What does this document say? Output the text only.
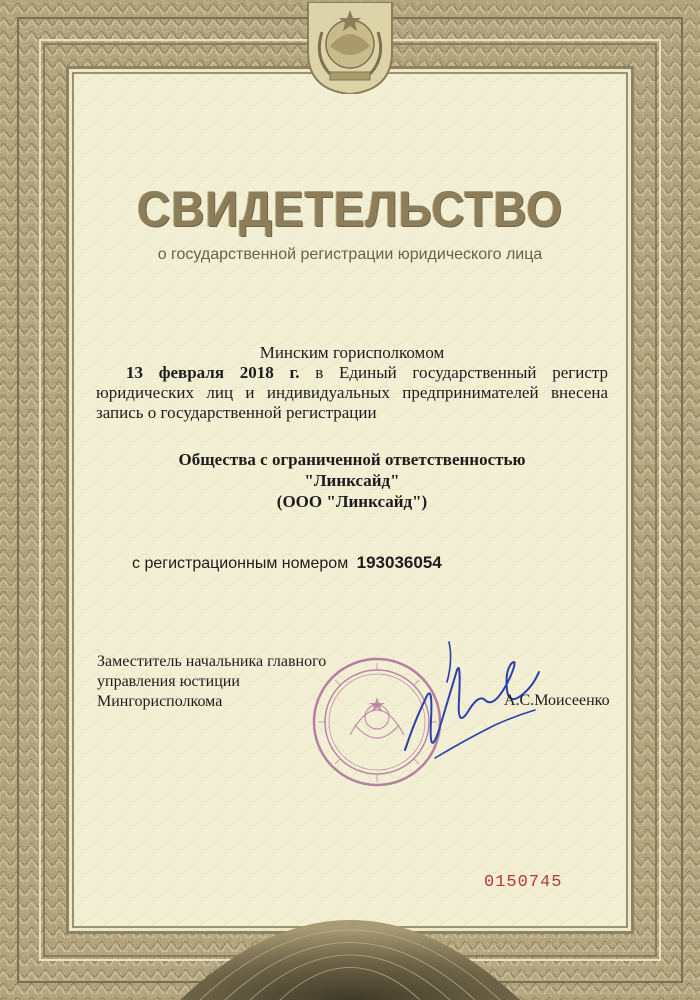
СВИДЕТЕЛЬСТВО
о государственной регистрации юридического лица
Минским горисполкомом
13 февраля 2018 г. в Единый государственный регистр юридических лиц и индивидуальных предпринимателей внесена запись о государственной регистрации
Общества с ограниченной ответственностью
"Линксайд"
(ООО "Линксайд")
с регистрационным номером 193036054
Заместитель начальника главного
управления юстиции
Мингорисполкома	А.С.Моисеенко
0150745
